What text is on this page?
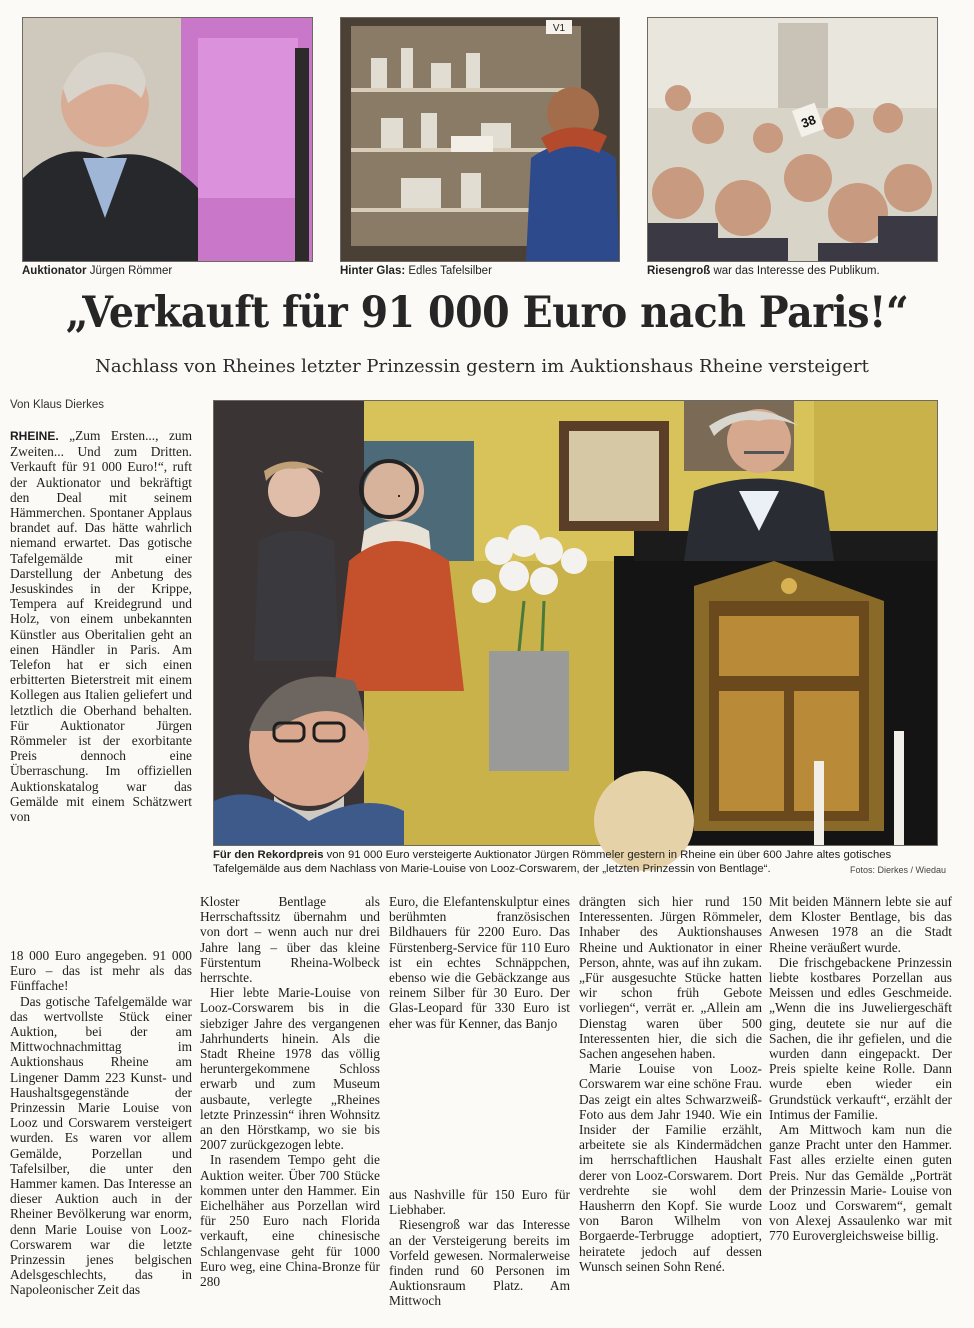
Auktionator Jürgen Römmer
V1
Hinter Glas: Edles Tafelsilber
38
Riesengroß war das Interesse des Publikum.
„Verkauft für 91 000 Euro nach Paris!“
Nachlass von Rheines letzter Prinzessin gestern im Auktionshaus Rheine versteigert
Von Klaus Dierkes

RHEINE. „Zum Ersten..., zum Zweiten... Und zum Dritten. Verkauft für 91 000 Euro!“, ruft der Auktionator und bekräftigt den Deal mit seinem Hämmerchen. Spontaner Applaus brandet auf. Das hätte wahrlich niemand erwartet. Das gotische Tafelgemälde mit einer Darstellung der Anbetung des Jesuskindes in der Krippe, Tempera auf Kreidegrund und Holz, von einem unbekannten Künstler aus Oberitalien geht an einen Händler in Paris. Am Telefon hat er sich einen erbitterten Bieterstreit mit einem Kollegen aus Italien geliefert und letztlich die Oberhand behalten. Für Auktionator Jürgen Römmeler ist der exorbitante Preis dennoch eine Überraschung. Im offiziellen Auktionskatalog war das Gemälde mit einem Schätzwert von

Für den Rekordpreis von 91 000 Euro versteigerte Auktionator Jürgen Römmeler gestern in Rheine ein über 600 Jahre altes gotisches
Tafelgemälde aus dem Nachlass von Marie-Louise von Looz-Corswarem, der „letzten Prinzessin von Bentlage“.	Fotos: Dierkes / Wiedau

18 000 Euro angegeben. 91 000 Euro – das ist mehr als das Fünffache!

Das gotische Tafelgemälde war das wertvollste Stück einer Auktion, bei der am Mittwochnachmittag im Auktionshaus Rheine am Lingener Damm 223 Kunst- und Haushaltsgegenstände der Prinzessin Marie Louise von Looz und Corswarem versteigert wurden. Es waren vor allem Gemälde, Porzellan und Tafelsilber, die unter den Hammer kamen. Das Interesse an dieser Auktion auch in der Rheiner Bevölkerung war enorm, denn Marie Louise von Looz-Corswarem war die letzte Prinzessin jenes belgischen Adelsgeschlechts, das in Napoleonischer Zeit das

Kloster Bentlage als Herrschaftssitz übernahm und von dort – wenn auch nur drei Jahre lang – über das kleine Fürstentum Rheina-Wolbeck herrschte.

Hier lebte Marie-Louise von Looz-Corswarem bis in die siebziger Jahre des vergangenen Jahrhunderts hinein. Als die Stadt Rheine 1978 das völlig heruntergekommene Schloss erwarb und zum Museum ausbaute, verlegte „Rheines letzte Prinzessin“ ihren Wohnsitz an den Hörstkamp, wo sie bis 2007 zurückgezogen lebte.

In rasendem Tempo geht die Auktion weiter. Über 700 Stücke kommen unter den Hammer. Ein Eichelhäher aus Porzellan wird für 250 Euro nach Florida verkauft, eine chinesische Schlangenvase geht für 1000 Euro weg, eine China-Bronze für 280

Euro, die Elefantenskulptur eines berühmten französischen Bildhauers für 2200 Euro. Das Fürstenberg-Service für 110 Euro ist ein echtes Schnäppchen, ebenso wie die Gebäckzange aus reinem Silber für 30 Euro. Der Glas-Leopard für 330 Euro ist eher was für Kenner, das Banjo

aus Nashville für 150 Euro für Liebhaber.

Riesengroß war das Interesse an der Versteigerung bereits im Vorfeld gewesen. Normalerweise finden rund 60 Personen im Auktionsraum Platz. Am Mittwoch

drängten sich hier rund 150 Interessenten. Jürgen Römmeler, Inhaber des Auktionshauses Rheine und Auktionator in einer Person, ahnte, was auf ihn zukam. „Für ausgesuchte Stücke hatten wir schon früh Gebote vorliegen“, verrät er. „Allein am Dienstag waren über 500 Interessenten hier, die sich die Sachen angesehen haben.

Marie Louise von Looz-Corswarem war eine schöne Frau. Das zeigt ein altes Schwarzweiß-Foto aus dem Jahr 1940. Wie ein Insider der Familie erzählt, arbeitete sie als Kindermädchen im herrschaftlichen Haushalt derer von Looz-Corswarem. Dort verdrehte sie wohl dem Hausherrn den Kopf. Sie wurde von Baron Wilhelm von Borgaerde-Terbrugge adoptiert, heiratete jedoch auf dessen Wunsch seinen Sohn René.

Mit beiden Männern lebte sie auf dem Kloster Bentlage, bis das Anwesen 1978 an die Stadt Rheine veräußert wurde.

Die frischgebackene Prinzessin liebte kostbares Porzellan aus Meissen und edles Geschmeide. „Wenn die ins Juweliergeschäft ging, deutete sie nur auf die Sachen, die ihr gefielen, und die wurden dann eingepackt. Der Preis spielte keine Rolle. Dann wurde eben wieder ein Grundstück verkauft“, erzählt der Intimus der Familie.

Am Mittwoch kam nun die ganze Pracht unter den Hammer. Fast alles erzielte einen guten Preis. Nur das Gemälde „Porträt der Prinzessin Marie- Louise von Looz und Corswarem“, gemalt von Alexej Assaulenko war mit 770 Eurovergleichsweise billig.
